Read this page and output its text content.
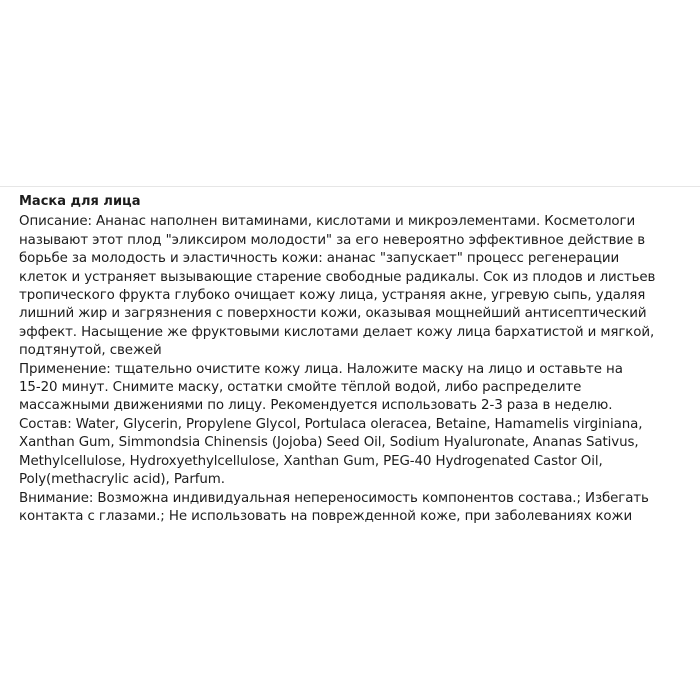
Маска для лица

Описание: Ананас наполнен витаминами, кислотами и микроэлементами. Косметологи
называют этот плод "эликсиром молодости" за его невероятно эффективное действие в
борьбе за молодость и эластичность кожи: ананас "запускает" процесс регенерации
клеток и устраняет вызывающие старение свободные радикалы. Сок из плодов и листьев
тропического фрукта глубоко очищает кожу лица, устраняя акне, угревую сыпь, удаляя
лишний жир и загрязнения с поверхности кожи, оказывая мощнейший антисептический
эффект. Насыщение же фруктовыми кислотами делает кожу лица бархатистой и мягкой,
подтянутой, свежей

Применение: тщательно очистите кожу лица. Наложите маску на лицо и оставьте на
15-20 минут. Снимите маску, остатки смойте тёплой водой, либо распределите
массажными движениями по лицу. Рекомендуется использовать 2-3 раза в неделю.

Состав: Water, Glycerin, Propylene Glycol, Portulaca oleracea, Betaine, Hamamelis virginiana,
Xanthan Gum, Simmondsia Chinensis (Jojoba) Seed Oil, Sodium Hyaluronate, Ananas Sativus,
Methylcellulose, Hydroxyethylcellulose, Xanthan Gum, PEG-40 Hydrogenated Castor Oil,
Poly(methacrylic acid), Parfum.

Внимание: Возможна индивидуальная непереносимость компонентов состава.; Избегать
контакта с глазами.; Не использовать на поврежденной коже, при заболеваниях кожи
